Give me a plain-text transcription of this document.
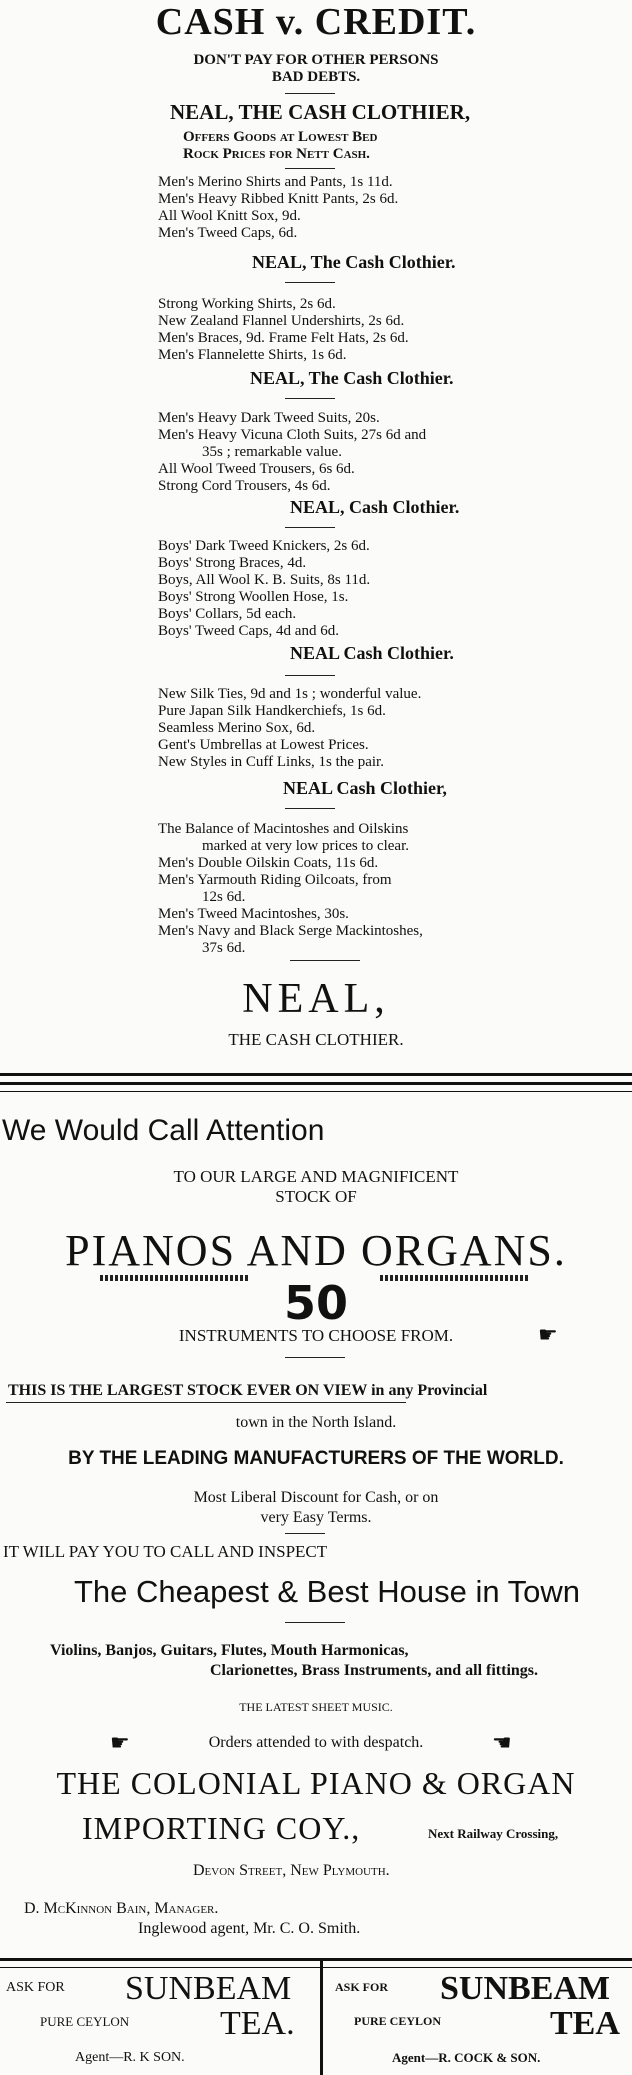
CASH v. CREDIT.
DON'T PAY FOR OTHER PERSONS
BAD DEBTS.
NEAL, THE CASH CLOTHIER,
Offers Goods at Lowest Bed
Rock Prices for Nett Cash.
Men's Merino Shirts and Pants, 1s 11d.
Men's Heavy Ribbed Knitt Pants, 2s 6d.
All Wool Knitt Sox, 9d.
Men's Tweed Caps, 6d.
NEAL, The Cash Clothier.
Strong Working Shirts, 2s 6d.
New Zealand Flannel Undershirts, 2s 6d.
Men's Braces, 9d. Frame Felt Hats, 2s 6d.
Men's Flannelette Shirts, 1s 6d.
NEAL, The Cash Clothier.
Men's Heavy Dark Tweed Suits, 20s.
Men's Heavy Vicuna Cloth Suits, 27s 6d and
35s ; remarkable value.
All Wool Tweed Trousers, 6s 6d.
Strong Cord Trousers, 4s 6d.
NEAL, Cash Clothier.
Boys' Dark Tweed Knickers, 2s 6d.
Boys' Strong Braces, 4d.
Boys, All Wool K. B. Suits, 8s 11d.
Boys' Strong Woollen Hose, 1s.
Boys' Collars, 5d each.
Boys' Tweed Caps, 4d and 6d.
NEAL Cash Clothier.
New Silk Ties, 9d and 1s ; wonderful value.
Pure Japan Silk Handkerchiefs, 1s 6d.
Seamless Merino Sox, 6d.
Gent's Umbrellas at Lowest Prices.
New Styles in Cuff Links, 1s the pair.
NEAL Cash Clothier,
The Balance of Macintoshes and Oilskins
marked at very low prices to clear.
Men's Double Oilskin Coats, 11s 6d.
Men's Yarmouth Riding Oilcoats, from
12s 6d.
Men's Tweed Macintoshes, 30s.
Men's Navy and Black Serge Mackintoshes,
37s 6d.
NEAL,
THE CASH CLOTHIER.
We Would Call Attention
TO OUR LARGE AND MAGNIFICENT
STOCK OF
PIANOS AND ORGANS.
50
INSTRUMENTS TO CHOOSE FROM.	☛
THIS IS THE LARGEST STOCK EVER ON VIEW in any Provincial
town in the North Island.
BY THE LEADING MANUFACTURERS OF THE WORLD.
Most Liberal Discount for Cash, or on
very Easy Terms.
IT WILL PAY YOU TO CALL AND INSPECT
The Cheapest & Best House in Town
Violins, Banjos, Guitars, Flutes, Mouth Harmonicas,
Clarionettes, Brass Instruments, and all fittings.
THE LATEST SHEET MUSIC.
☛	Orders attended to with despatch.	☚
THE COLONIAL PIANO & ORGAN
IMPORTING COY.,	Next Railway Crossing,
Devon Street, New Plymouth.
D. McKinnon Bain, Manager.
Inglewood agent, Mr. C. O. Smith.
ASK FOR SUNBEAM
PURE CEYLON	TEA.
Agent—R. K SON.
ASK FOR SUNBEAM
PURE CEYLON	TEA
Agent—R. COCK & SON.
